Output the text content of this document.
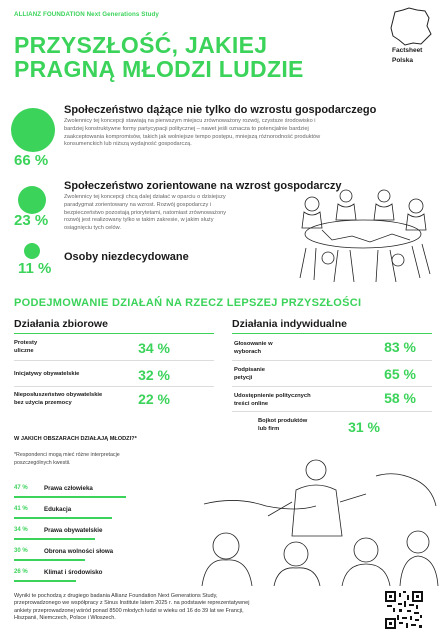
ALLIANZ FOUNDATION Next Generations Study
PRZYSZŁOŚĆ, JAKIEJ
PRAGNĄ MŁODZI LUDZIE
Factsheet
Polska
66 %
Społeczeństwo dążące nie tylko do wzrostu gospodarczego
Zwolennicy tej koncepcji stawiają na pierwszym miejscu zrównoważony rozwój, czystsze środowisko i bardziej konstruktywne formy partycypacji politycznej – nawet jeśli oznacza to potencjalnie bardziej zaakceptowania kompromisów, takich jak wolniejsze tempo postępu, mniejszą różnorodność produktów konsumenckich lub niższą wydajność gospodarczą.
23 %
Społeczeństwo zorientowane na wzrost gospodarczy
Zwolennicy tej koncepcji chcą dalej działać w oparciu o dzisiejszy paradygmat zorientowany na wzrost. Rozwój gospodarczy i bezpieczeństwo pozostają priorytetami, natomiast zrównoważony rozwój jest realizowany tylko w takim zakresie, w jakim służy osiągnięciu tych celów.
11 %
Osoby niezdecydowane
PODEJMOWANIE DZIAŁAŃ NA RZECZ LEPSZEJ PRZYSZŁOŚCI
Działania zbiorowe
Protesty
uliczne	34 %
Inicjatywy obywatelskie	32 %
Nieposłuszeństwo obywatelskie
bez użycia przemocy	22 %
Działania indywidualne
Głosowanie w
wyborach	83 %
Podpisanie
petycji	65 %
Udostępnienie politycznych
treści online	58 %
Bojkot produktów
lub firm	31 %
W JAKICH OBSZARACH DZIAŁAJĄ MŁODZI?*
*Respondenci mogą mieć różne interpretacje
poszczególnych kwestii.
47 %	Prawa człowieka
41 %	Edukacja
34 %	Prawa obywatelskie
30 %	Obrona wolności słowa
26 %	Klimat i środowisko
Wyniki te pochodzą z drugiego badania Allianz Foundation Next Generations Study, przeprowadzonego we współpracy z Sinus Institute latem 2025 r. na podstawie reprezentatywnej ankiety przeprowadzonej wśród ponad 8500 młodych ludzi w wieku od 16 do 39 lat we Francji, Hiszpanii, Niemczech, Polsce i Włoszech.
